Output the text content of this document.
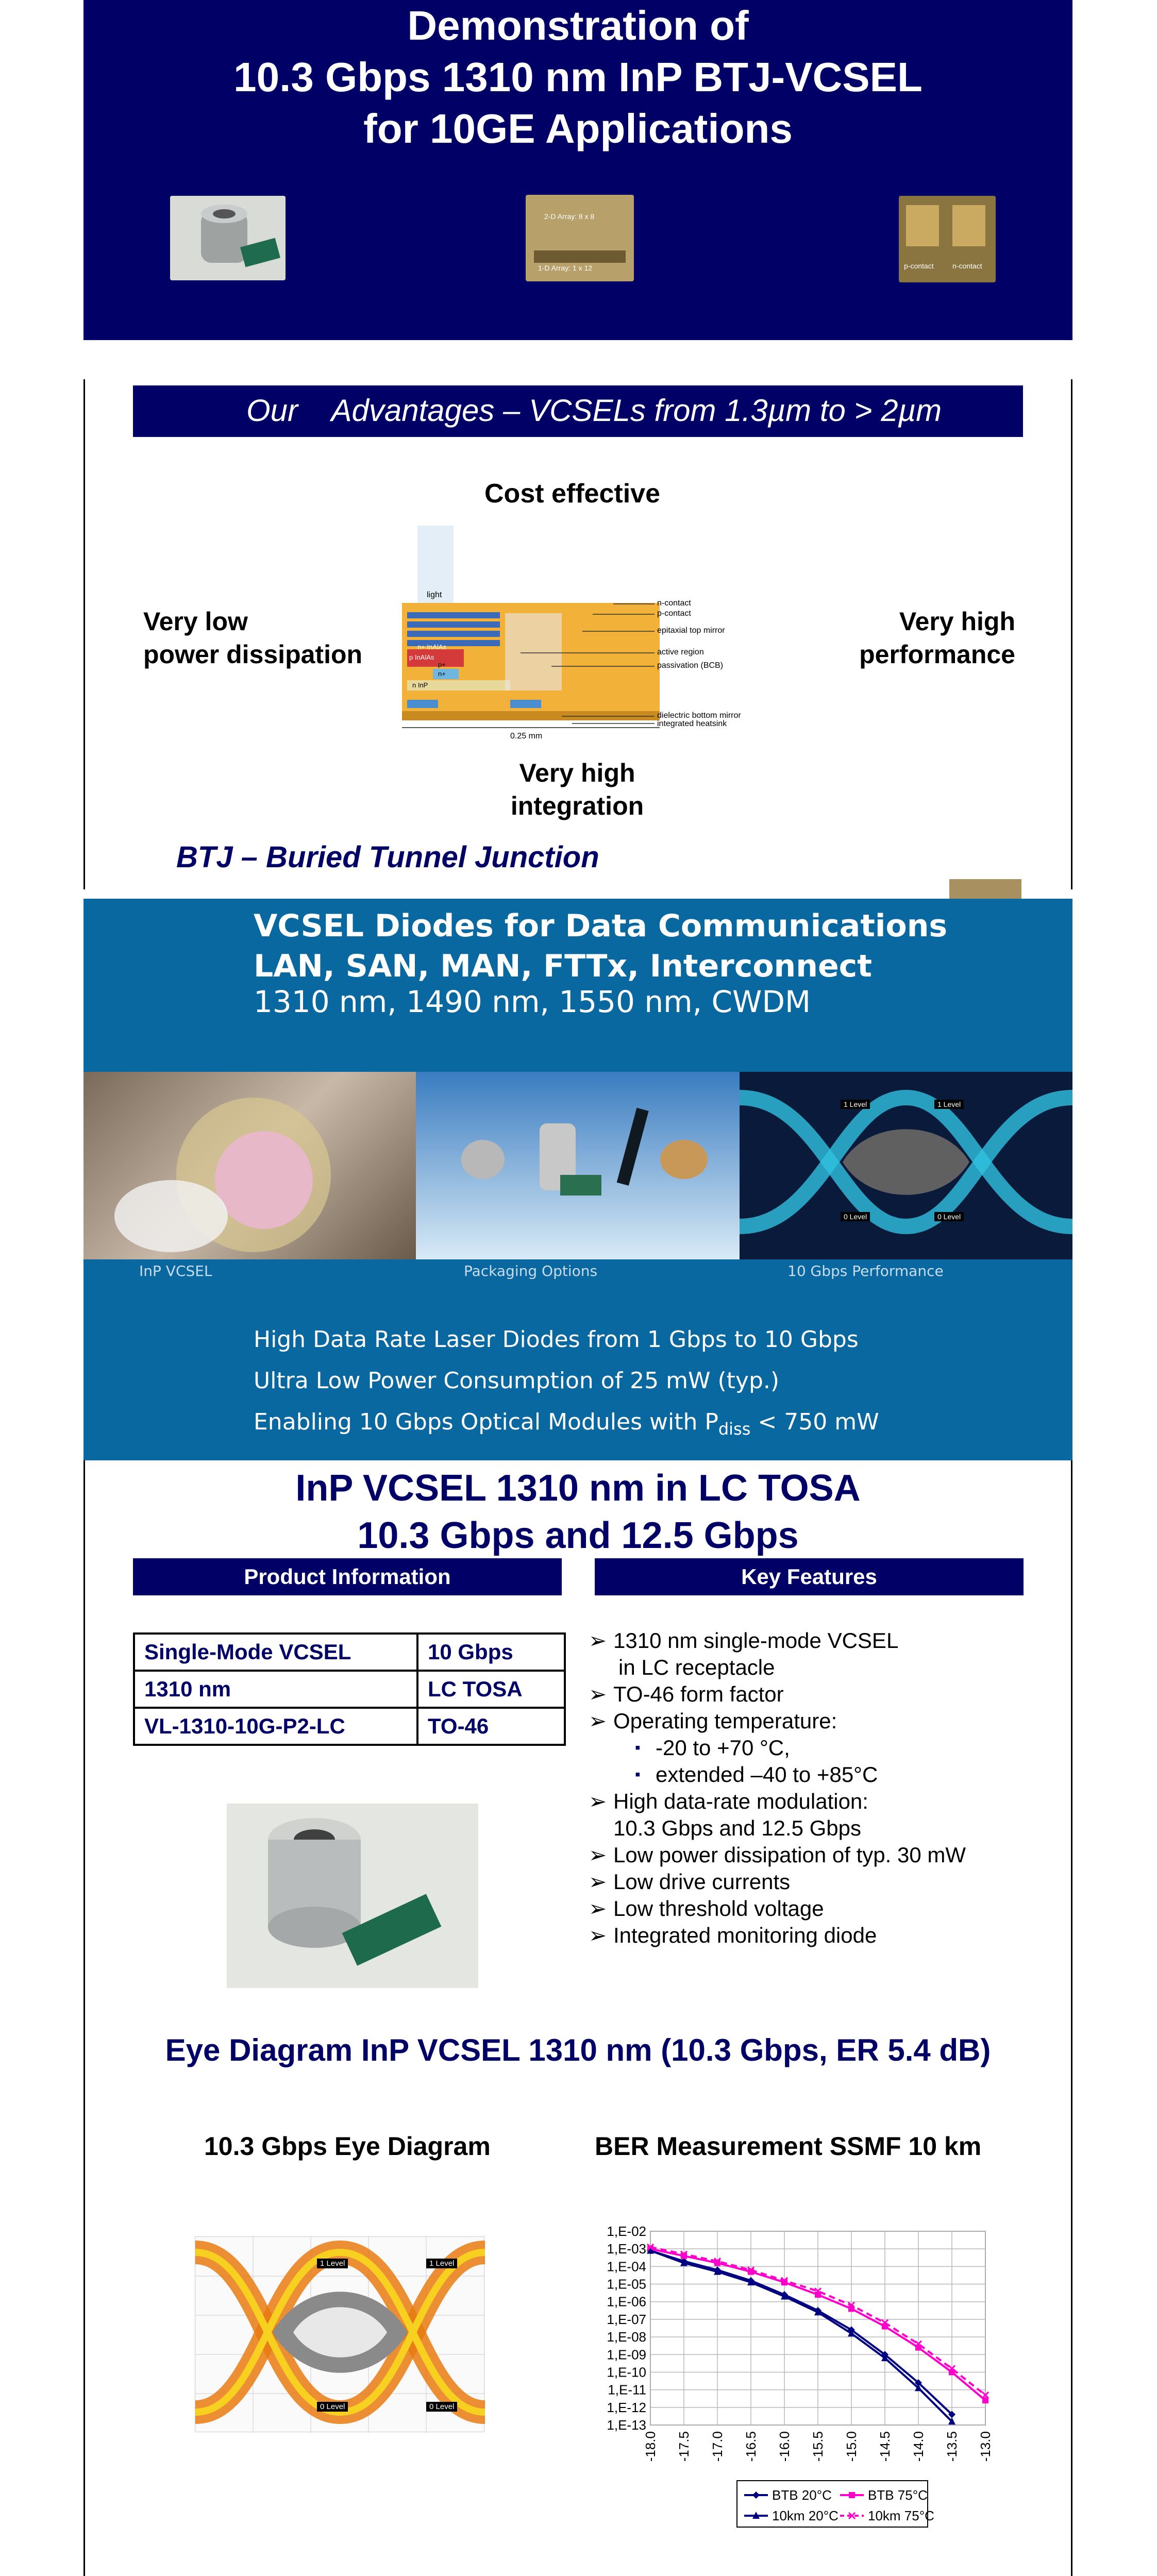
Demonstration of
10.3 Gbps 1310 nm InP BTJ-VCSEL
for 10GE Applications
2-D Array: 8 x 8
1-D Array: 1 x 12	p-contact	n-contact
Our    Advantages – VCSELs from 1.3µm to > 2µm
Cost effective
Very low
power dissipation
Very high
performance
Very high
integration
light
n-contact
p-contact
epitaxial top mirror
active region
passivation (BCB)
dielectric bottom mirror
integrated heatsink
0.25 mm
n+ InAlAs
p InAlAs
p+
n+
n InP
BTJ – Buried Tunnel Junction
VCSEL Diodes for Data Communications
LAN, SAN, MAN, FTTx, Interconnect
1310 nm, 1490 nm, 1550 nm, CWDM
1 Level	1 Level
0 Level	0 Level
InP VCSEL	Packaging Options	10 Gbps Performance
High Data Rate Laser Diodes from 1 Gbps to 10 Gbps
Ultra Low Power Consumption of 25 mW (typ.)
Enabling 10 Gbps Optical Modules with $P_{diss} < 750$ mW
InP VCSEL 1310 nm in LC TOSA
10.3 Gbps and 12.5 Gbps
Product Information	Key Features
Single-Mode VCSEL	10 Gbps
1310 nm	LC TOSA
VL-1310-10G-P2-LC	TO-46
➢ 1310 nm single-mode VCSEL
in LC receptacle
➢ TO-46 form factor
➢ Operating temperature:
▪ -20 to +70 °C,
▪ extended –40 to +85°C
➢ High data-rate modulation:
10.3 Gbps and 12.5 Gbps
➢ Low power dissipation of typ. 30 mW
➢ Low drive currents
➢ Low threshold voltage
➢ Integrated monitoring diode
Eye Diagram InP VCSEL 1310 nm (10.3 Gbps, ER 5.4 dB)
10.3 Gbps Eye Diagram	BER Measurement SSMF 10 km
1 Level	1 Level
0 Level	0 Level
1,E-02
1,E-03
1,E-04
1,E-05
1,E-06
1,E-07
1,E-08
1,E-09
1,E-10
1,E-11
1,E-12
1,E-13
-18.0 -17.5 -17.0 -16.5 -16.0 -15.5 -15.0 -14.5 -14.0 -13.5 -13.0
BTB 20°C	BTB 75°C
10km 20°C 10km 75°C
